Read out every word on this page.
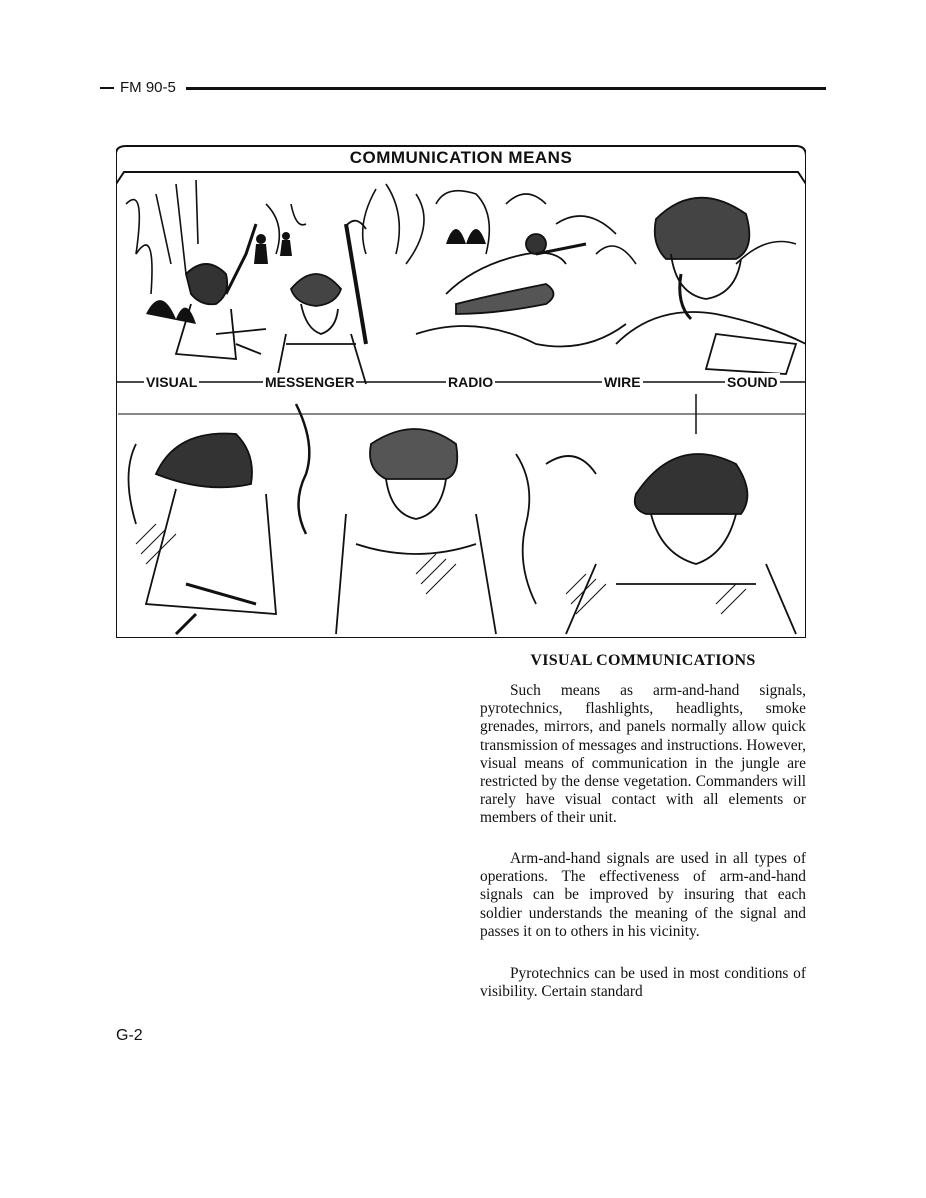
FM 90-5
COMMUNICATION MEANS
VISUAL	MESSENGER	RADIO	WIRE	SOUND
VISUAL COMMUNICATIONS

Such means as arm-and-hand signals, pyrotechnics, flashlights, headlights, smoke grenades, mirrors, and panels normally allow quick transmission of messages and instructions. However, visual means of communication in the jungle are restricted by the dense vegetation. Commanders will rarely have visual contact with all elements or members of their unit.

Arm-and-hand signals are used in all types of operations. The effectiveness of arm-and-hand signals can be improved by insuring that each soldier understands the meaning of the signal and passes it on to others in his vicinity.

Pyrotechnics can be used in most conditions of visibility. Certain standard

G-2
